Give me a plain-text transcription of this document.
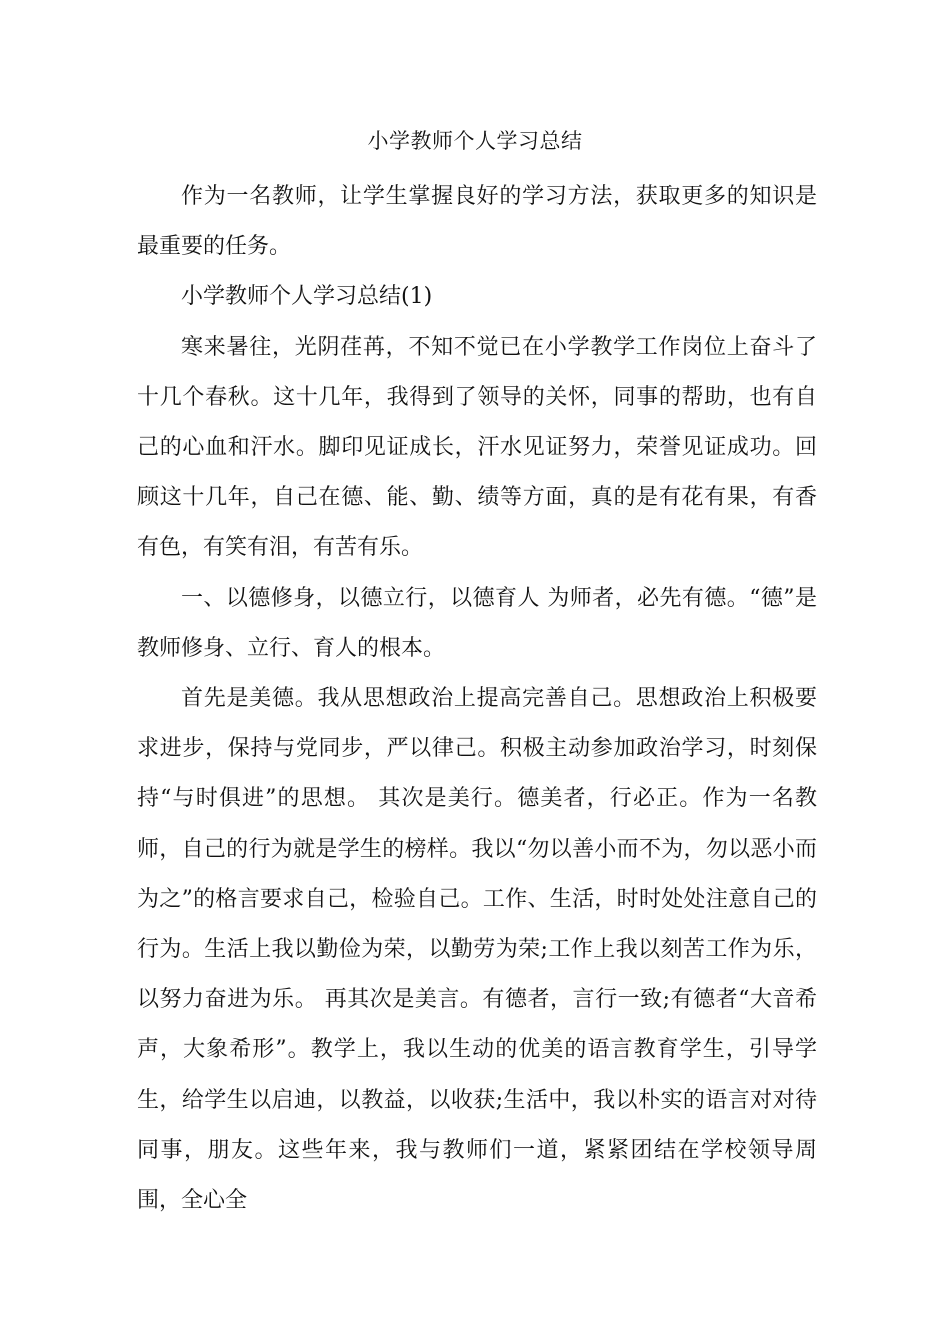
小学教师个人学习总结

作为一名教师，让学生掌握良好的学习方法，获取更多的知识是最重要的任务。

小学教师个人学习总结(1)

寒来暑往，光阴荏苒，不知不觉已在小学教学工作岗位上奋斗了十几个春秋。这十几年，我得到了领导的关怀，同事的帮助，也有自己的心血和汗水。脚印见证成长，汗水见证努力，荣誉见证成功。回顾这十几年，自己在德、能、勤、绩等方面，真的是有花有果，有香有色，有笑有泪，有苦有乐。

一、以德修身，以德立行，以德育人 为师者，必先有德。“德”是教师修身、立行、育人的根本。

首先是美德。我从思想政治上提高完善自己。思想政治上积极要求进步，保持与党同步，严以律己。积极主动参加政治学习，时刻保持“与时俱进”的思想。 其次是美行。德美者，行必正。作为一名教师，自己的行为就是学生的榜样。我以“勿以善小而不为，勿以恶小而为之”的格言要求自己，检验自己。工作、生活，时时处处注意自己的行为。生活上我以勤俭为荣，以勤劳为荣;工作上我以刻苦工作为乐，以努力奋进为乐。 再其次是美言。有德者，言行一致;有德者“大音希声，大象希形”。教学上，我以生动的优美的语言教育学生，引导学生，给学生以启迪，以教益，以收获;生活中，我以朴实的语言对对待同事，朋友。这些年来，我与教师们一道，紧紧团结在学校领导周围，全心全
